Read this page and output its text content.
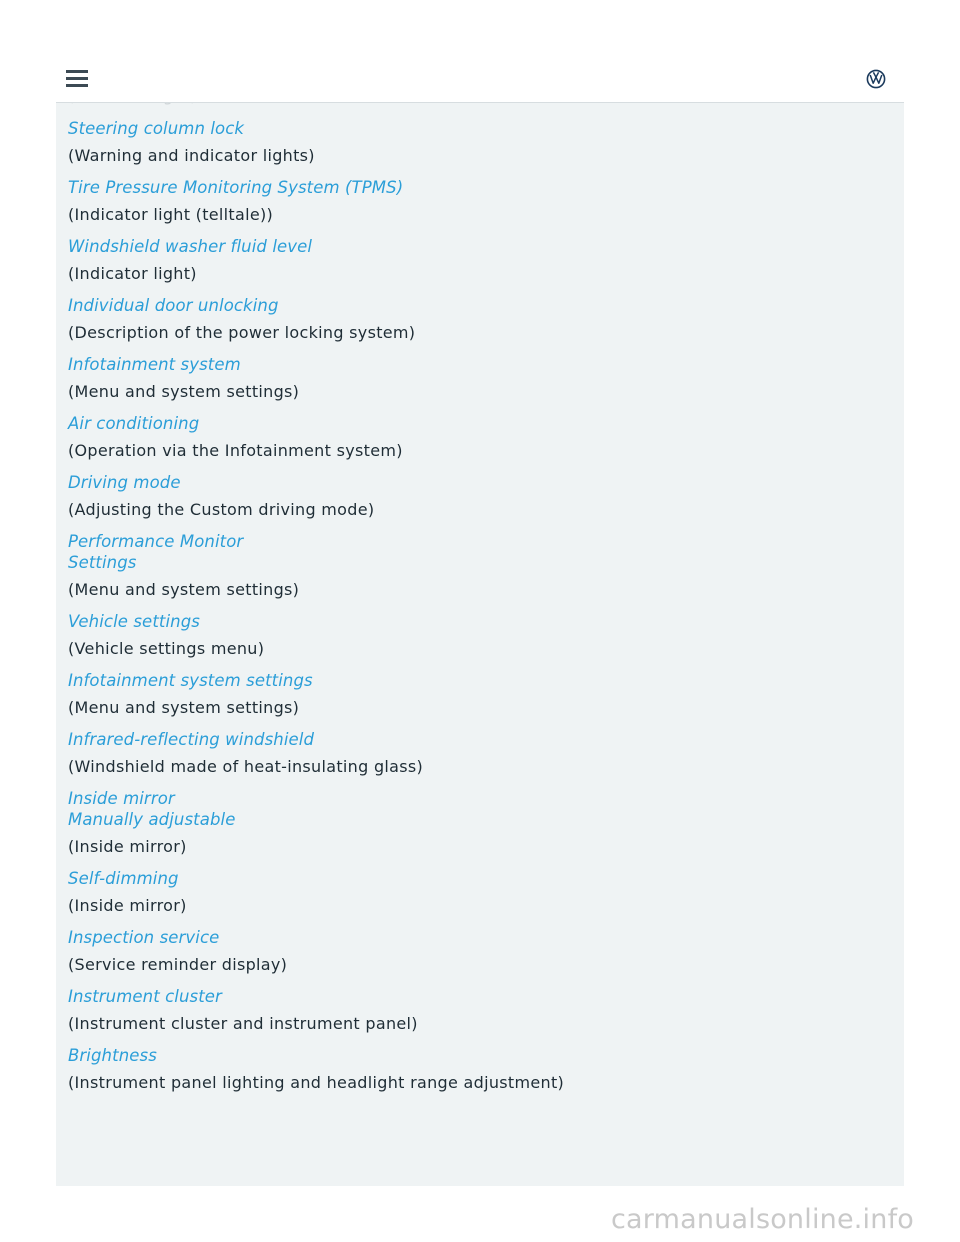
Steering column lock
(Warning and indicator lights)
Tire Pressure Monitoring System (TPMS)
(Indicator light (telltale))
Windshield washer fluid level
(Indicator light)
Individual door unlocking
(Description of the power locking system)
Infotainment system
(Menu and system settings)
Air conditioning
(Operation via the Infotainment system)
Driving mode
(Adjusting the Custom driving mode)
Performance Monitor
Settings
(Menu and system settings)
Vehicle settings
(Vehicle settings menu)
Infotainment system settings
(Menu and system settings)
Infrared-reflecting windshield
(Windshield made of heat-insulating glass)
Inside mirror
Manually adjustable
(Inside mirror)
Self-dimming
(Inside mirror)
Inspection service
(Service reminder display)
Instrument cluster
(Instrument cluster and instrument panel)
Brightness
(Instrument panel lighting and headlight range adjustment)
carmanualsonline.info
